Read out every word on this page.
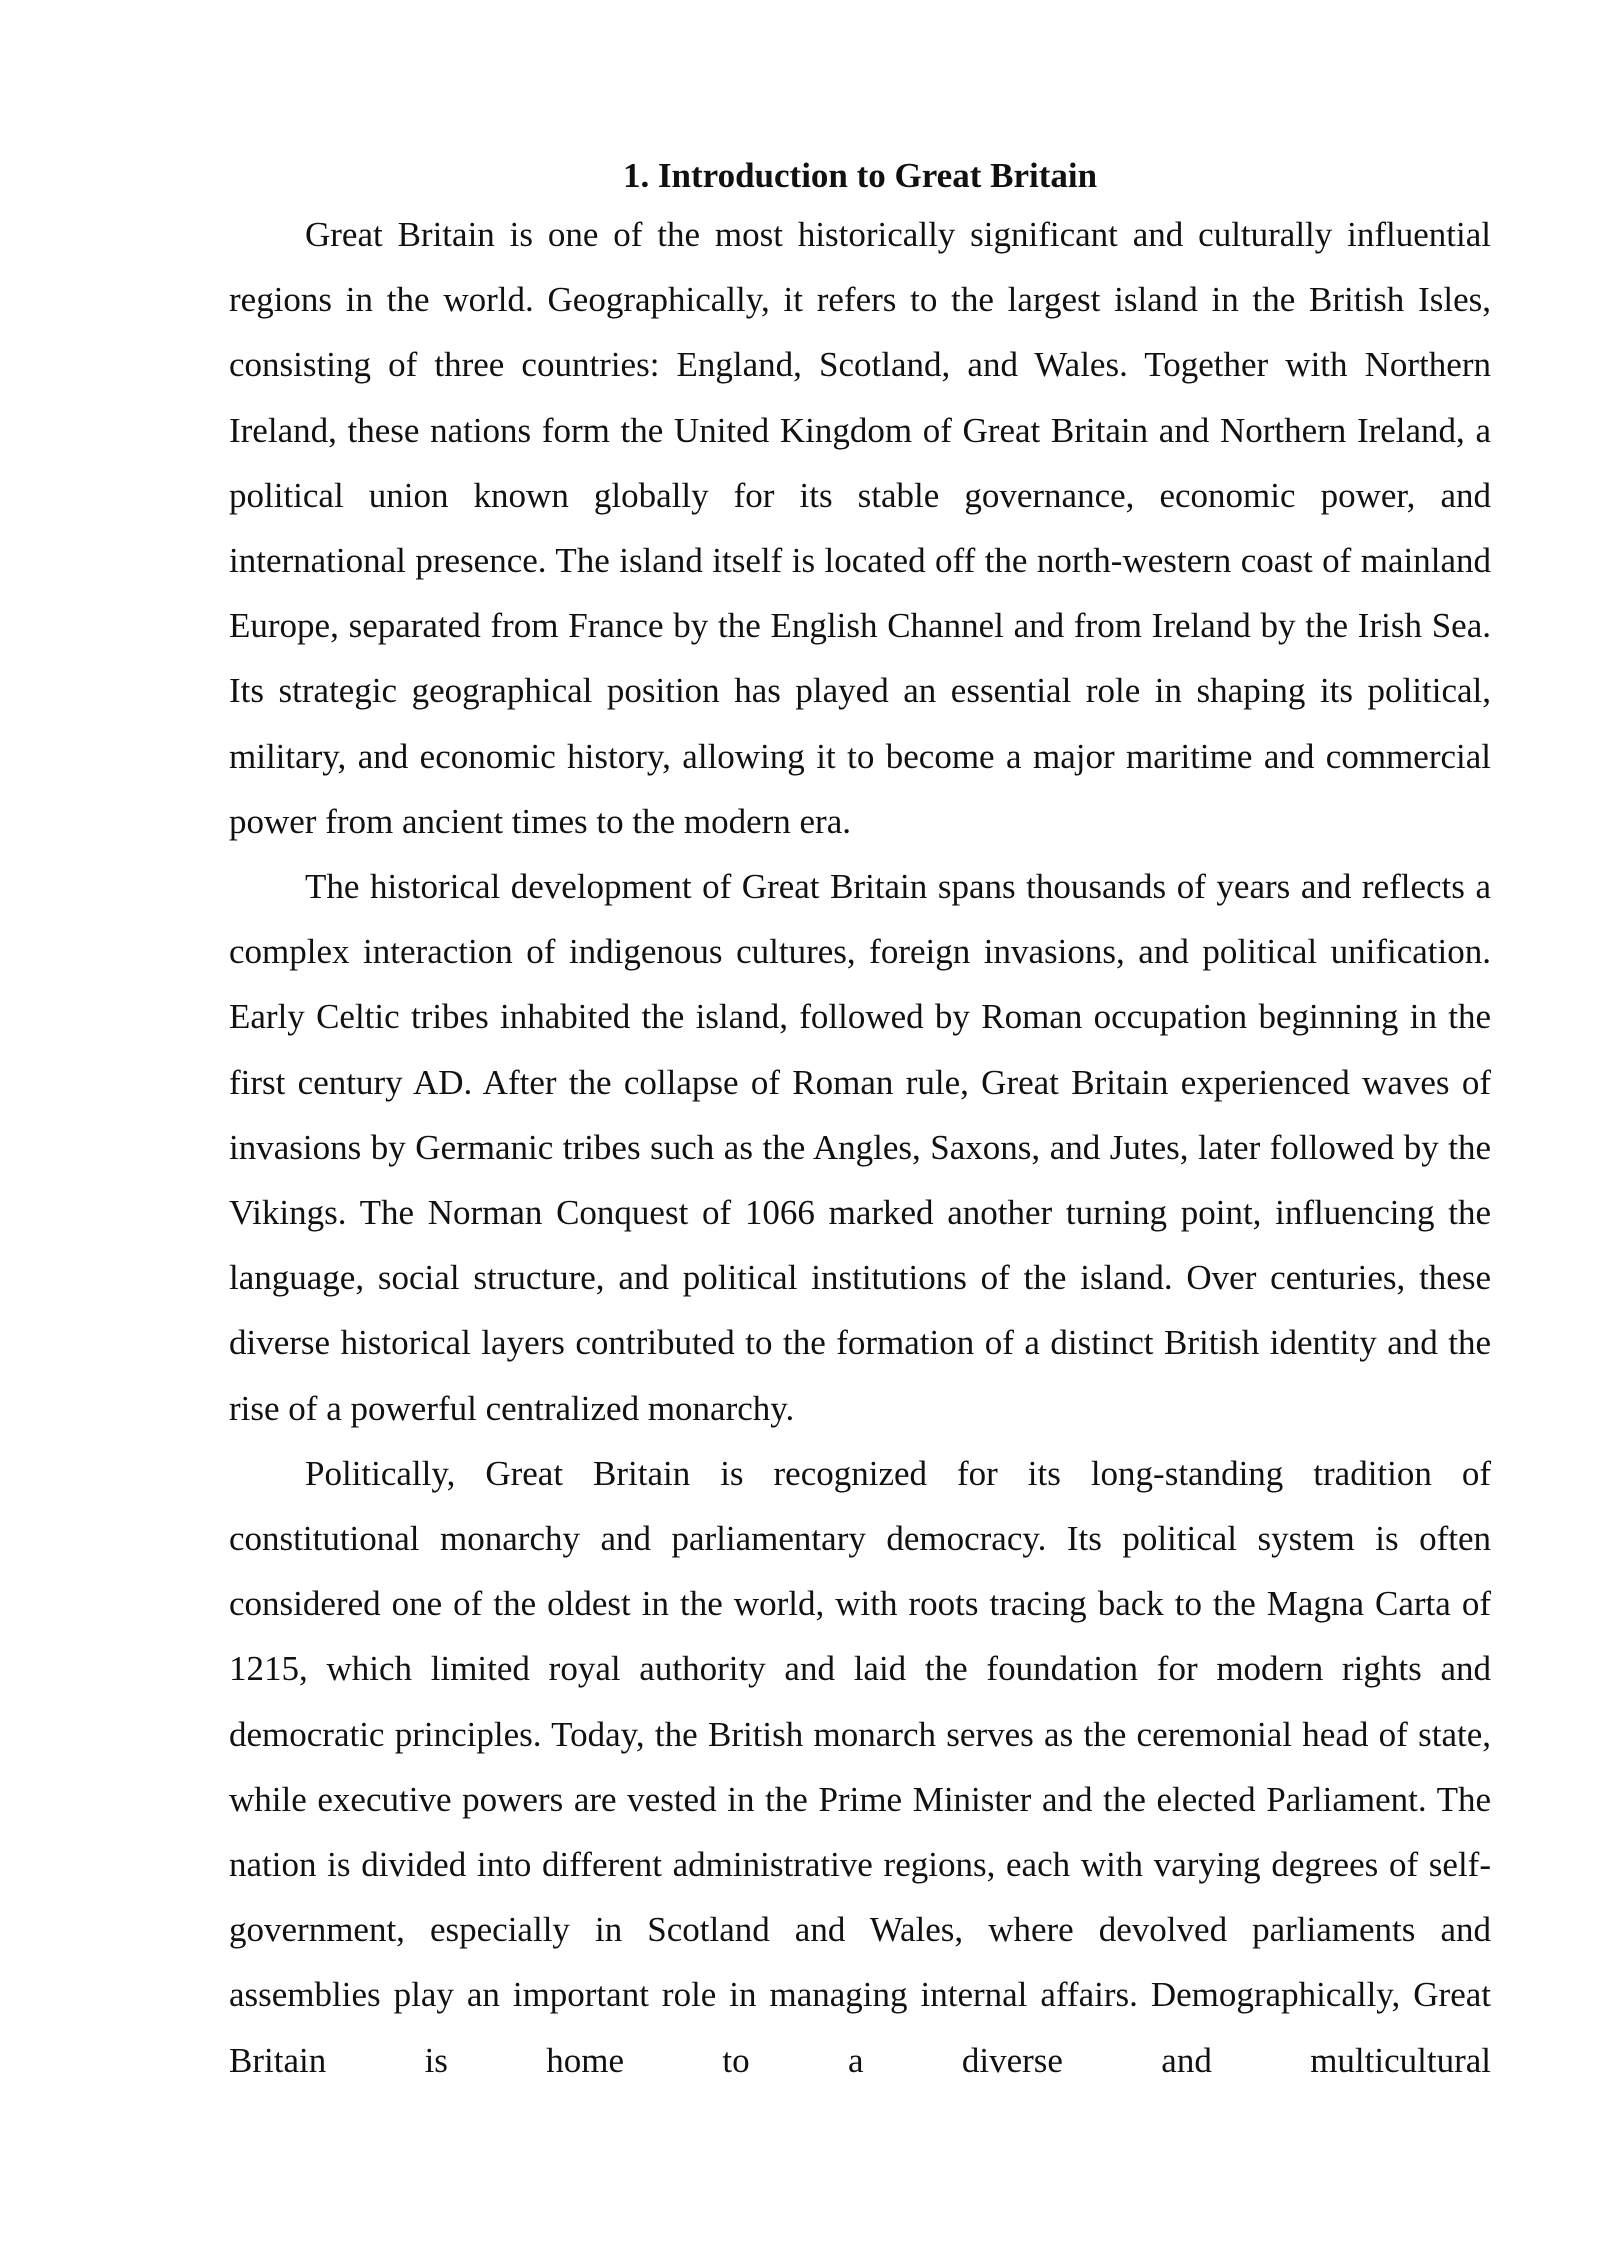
1. Introduction to Great Britain

Great Britain is one of the most historically significant and culturally influential regions in the world. Geographically, it refers to the largest island in the British Isles, consisting of three countries: England, Scotland, and Wales. Together with Northern Ireland, these nations form the United Kingdom of Great Britain and Northern Ireland, a political union known globally for its stable governance, economic power, and international presence. The island itself is located off the north-western coast of mainland Europe, separated from France by the English Channel and from Ireland by the Irish Sea. Its strategic geographical position has played an essential role in shaping its political, military, and economic history, allowing it to become a major maritime and commercial power from ancient times to the modern era.

The historical development of Great Britain spans thousands of years and reflects a complex interaction of indigenous cultures, foreign invasions, and political unification. Early Celtic tribes inhabited the island, followed by Roman occupation beginning in the first century AD. After the collapse of Roman rule, Great Britain experienced waves of invasions by Germanic tribes such as the Angles, Saxons, and Jutes, later followed by the Vikings. The Norman Conquest of 1066 marked another turning point, influencing the language, social structure, and political institutions of the island. Over centuries, these diverse historical layers contributed to the formation of a distinct British identity and the rise of a powerful centralized monarchy.

Politically, Great Britain is recognized for its long-standing tradition of constitutional monarchy and parliamentary democracy. Its political system is often considered one of the oldest in the world, with roots tracing back to the Magna Carta of 1215, which limited royal authority and laid the foundation for modern rights and democratic principles. Today, the British monarch serves as the ceremonial head of state, while executive powers are vested in the Prime Minister and the elected Parliament. The nation is divided into different administrative regions, each with varying degrees of self-government, especially in Scotland and Wales, where devolved parliaments and assemblies play an important role in managing internal affairs. Demographically, Great Britain is home to a diverse and multicultural
